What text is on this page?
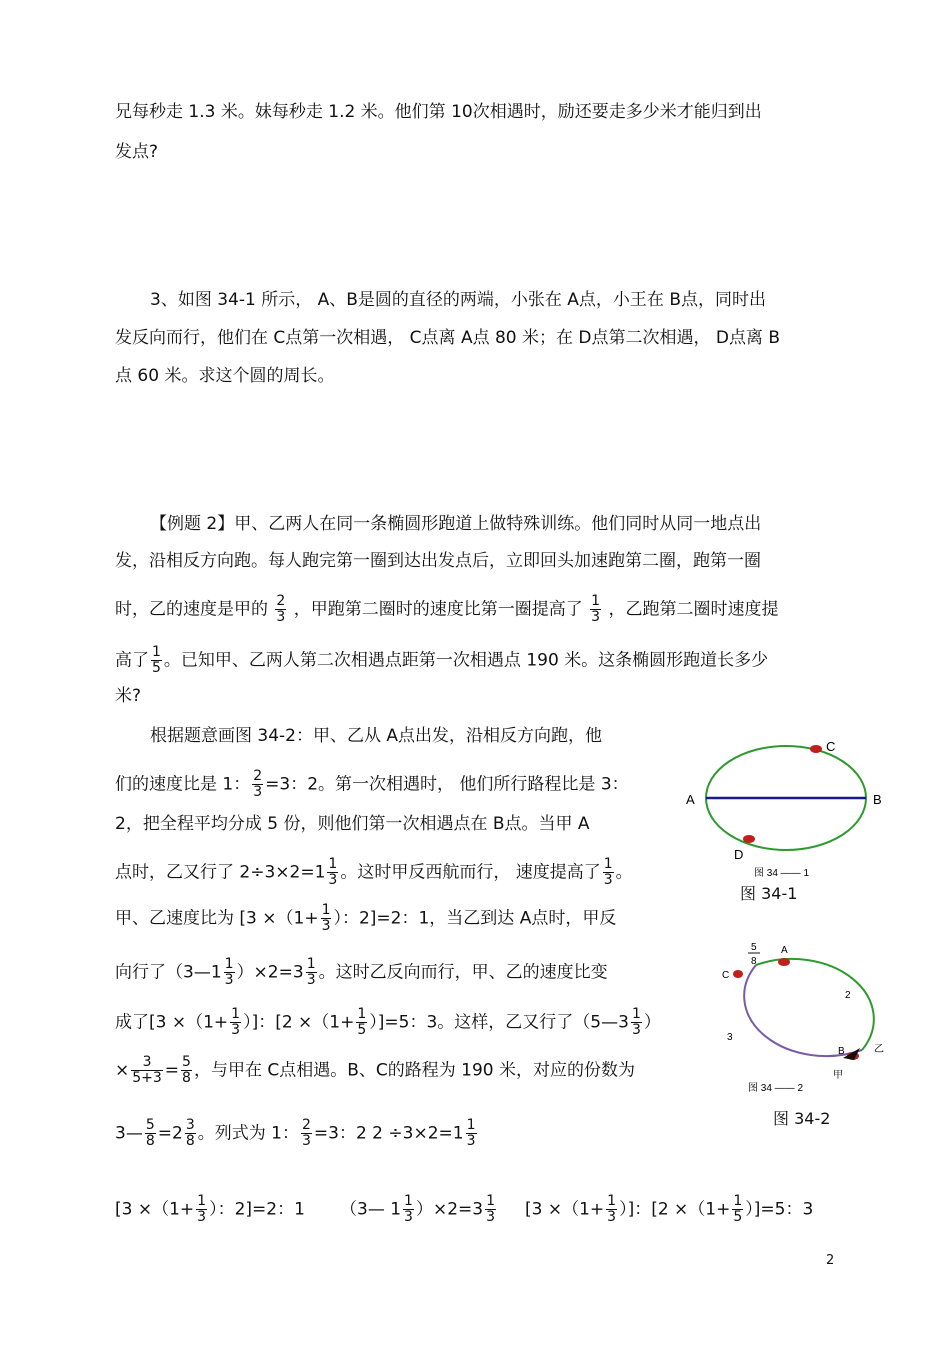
兄每秒走 1.3 米。妹每秒走 1.2 米。他们第 10次相遇时，励还要走多少米才能归到出
发点?
3、如图 34-1 所示， A、B是圆的直径的两端，小张在 A点，小王在 B点，同时出
发反向而行，他们在 C点第一次相遇， C点离 A点 80 米；在 D点第二次相遇， D点离 B
点 60 米。求这个圆的周长。
【例题 2】甲、乙两人在同一条椭圆形跑道上做特殊训练。他们同时从同一地点出
发，沿相反方向跑。每人跑完第一圈到达出发点后，立即回头加速跑第二圈，跑第一圈
时，乙的速度是甲的 $\frac{2}{3}$ ，甲跑第二圈时的速度比第一圈提高了 $\frac{1}{3}$ ，乙跑第二圈时速度提
高了 $\frac{1}{5}$ 。已知甲、乙两人第二次相遇点距第一次相遇点 190 米。这条椭圆形跑道长多少
米?
根据题意画图 34-2：甲、乙从 A点出发，沿相反方向跑，他
们的速度比是 1： $\frac{2}{3} =3$：2。第一次相遇时， 他们所行路程比是 3：
2，把全程平均分成 5 份，则他们第一次相遇点在 B点。当甲 A
点时，乙又行了 $2\div 3\times 2=1 \frac{1}{3}$ 。这时甲反西航而行， 速度提高了 $\frac{1}{3}$ 。
甲、乙速度比为 [$3 \times(1+ \frac{1}{3}$ ）：2]=2：1，当乙到达 A点时，甲反
向行了（3—1 $\frac{1}{3} )\times 2=3 \frac{1}{3}$ 。这时乙反向而行，甲、乙的速度比变
成了[$3 \times(1+ \frac{1}{3}$ ）]：$[2 \times(1+ \frac{1}{5} )]=5$：3。这样，乙又行了（5—3 $\frac{1}{3}$ ）
× $\frac{3}{5+3} = \frac{5}{8}$ ，与甲在 C点相遇。B、C的路程为 190 米，对应的份数为
3— $\frac{5}{8} =2 \frac{3}{8}$ 。列式为 1： $\frac{2}{3} =3$：2 $2 \div 3\times 2=1 \frac{1}{3}$
[$3 \times(1+ \frac{1}{3}$ ）：2]=2：1 （3— $1 \frac{1}{3} )\times 2=3 \frac{1}{3} [3 \times(1+ \frac{1}{3}$ ）]：$[2 \times(1+ \frac{1}{5} )]=5$：3
A	B
C
D
图 34 —— 1
图 34-1
5
8
A
C
2
3
B	乙
甲
图 34 —— 2
图 34-2
2
